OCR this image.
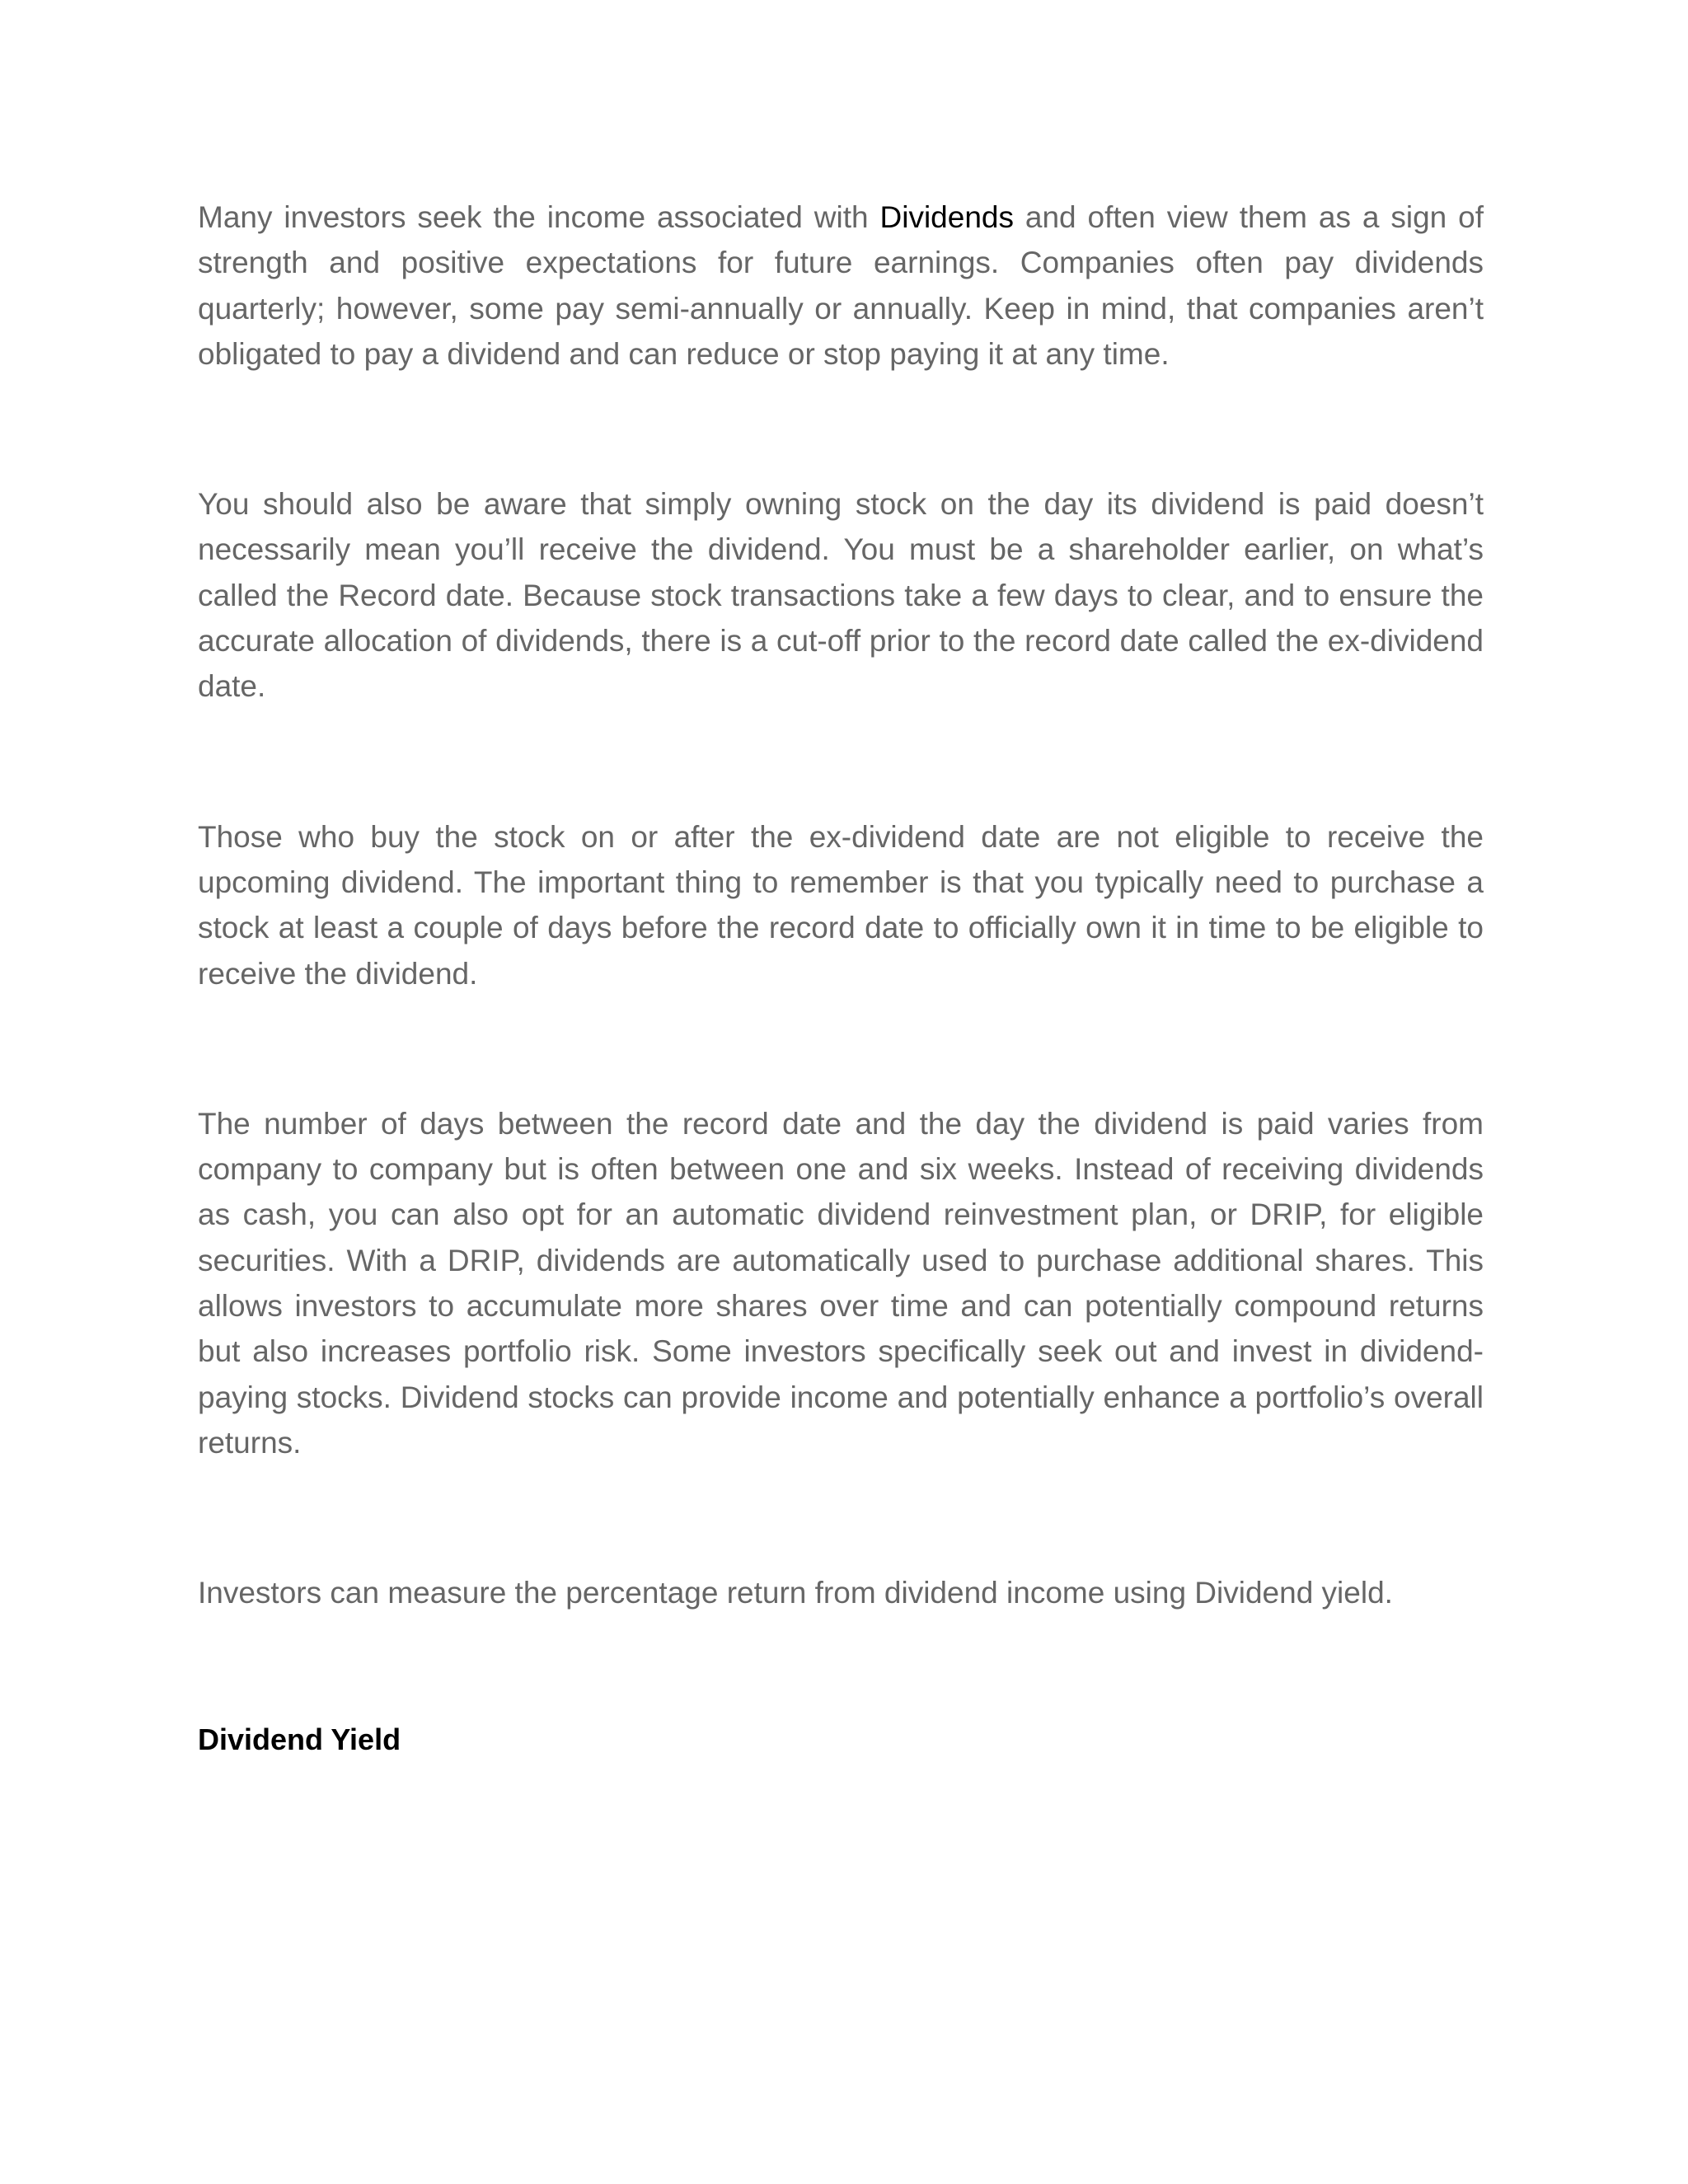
Many investors seek the income associated with Dividends and often view them as a sign of strength and positive expectations for future earnings. Companies often pay dividends quarterly; however, some pay semi-annually or annually. Keep in mind, that companies aren’t obligated to pay a dividend and can reduce or stop paying it at any time.

You should also be aware that simply owning stock on the day its dividend is paid doesn’t necessarily mean you’ll receive the dividend. You must be a shareholder earlier, on what’s called the Record date. Because stock transactions take a few days to clear, and to ensure the accurate allocation of dividends, there is a cut-off prior to the record date called the ex-dividend date.

Those who buy the stock on or after the ex-dividend date are not eligible to receive the upcoming dividend. The important thing to remember is that you typically need to purchase a stock at least a couple of days before the record date to officially own it in time to be eligible to receive the dividend.

The number of days between the record date and the day the dividend is paid varies from company to company but is often between one and six weeks. Instead of receiving dividends as cash, you can also opt for an automatic dividend reinvestment plan, or DRIP, for eligible securities. With a DRIP, dividends are automatically used to purchase additional shares. This allows investors to accumulate more shares over time and can potentially compound returns but also increases portfolio risk. Some investors specifically seek out and invest in dividend-paying stocks. Dividend stocks can provide income and potentially enhance a portfolio’s overall returns.

Investors can measure the percentage return from dividend income using Dividend yield.

Dividend Yield
